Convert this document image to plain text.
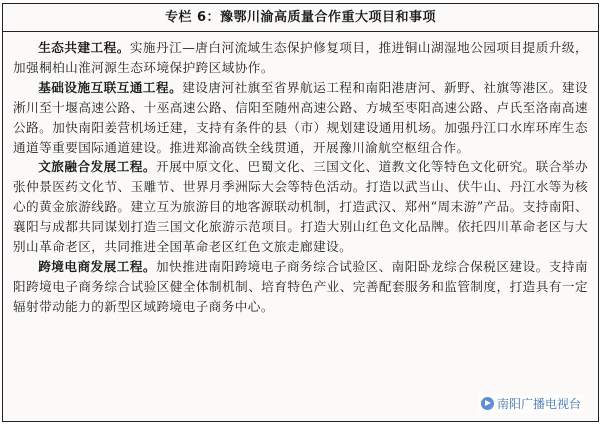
专栏 6：豫鄂川渝高质量合作重大项目和事项

生态共建工程。实施丹江—唐白河流域生态保护修复项目，推进铜山湖湿地公园项目提质升级，加强桐柏山淮河源生态环境保护跨区域协作。

基础设施互联互通工程。建设唐河社旗至省界航运工程和南阳港唐河、新野、社旗等港区。建设淅川至十堰高速公路、十巫高速公路、信阳至随州高速公路、方城至枣阳高速公路、卢氏至洛南高速公路。加快南阳姜营机场迁建，支持有条件的县（市）规划建设通用机场。加强丹江口水库环库生态通道等重要国际通道建设。推进郑渝高铁全线贯通，开展豫川渝航空枢纽合作。

文旅融合发展工程。开展中原文化、巴蜀文化、三国文化、道教文化等特色文化研究。联合举办张仲景医药文化节、玉雕节、世界月季洲际大会等特色活动。打造以武当山、伏牛山、丹江水等为核心的黄金旅游线路。建立互为旅游目的地客源联动机制，打造武汉、郑州“周末游”产品。支持南阳、襄阳与成都共同谋划打造三国文化旅游示范项目。打造大别山红色文化品牌。依托四川革命老区与大别山革命老区，共同推进全国革命老区红色文旅走廊建设。

跨境电商发展工程。加快推进南阳跨境电子商务综合试验区、南阳卧龙综合保税区建设。支持南阳跨境电子商务综合试验区健全体制机制、培育特色产业、完善配套服务和监管制度，打造具有一定辐射带动能力的新型区域跨境电子商务中心。

南阳广播电视台
